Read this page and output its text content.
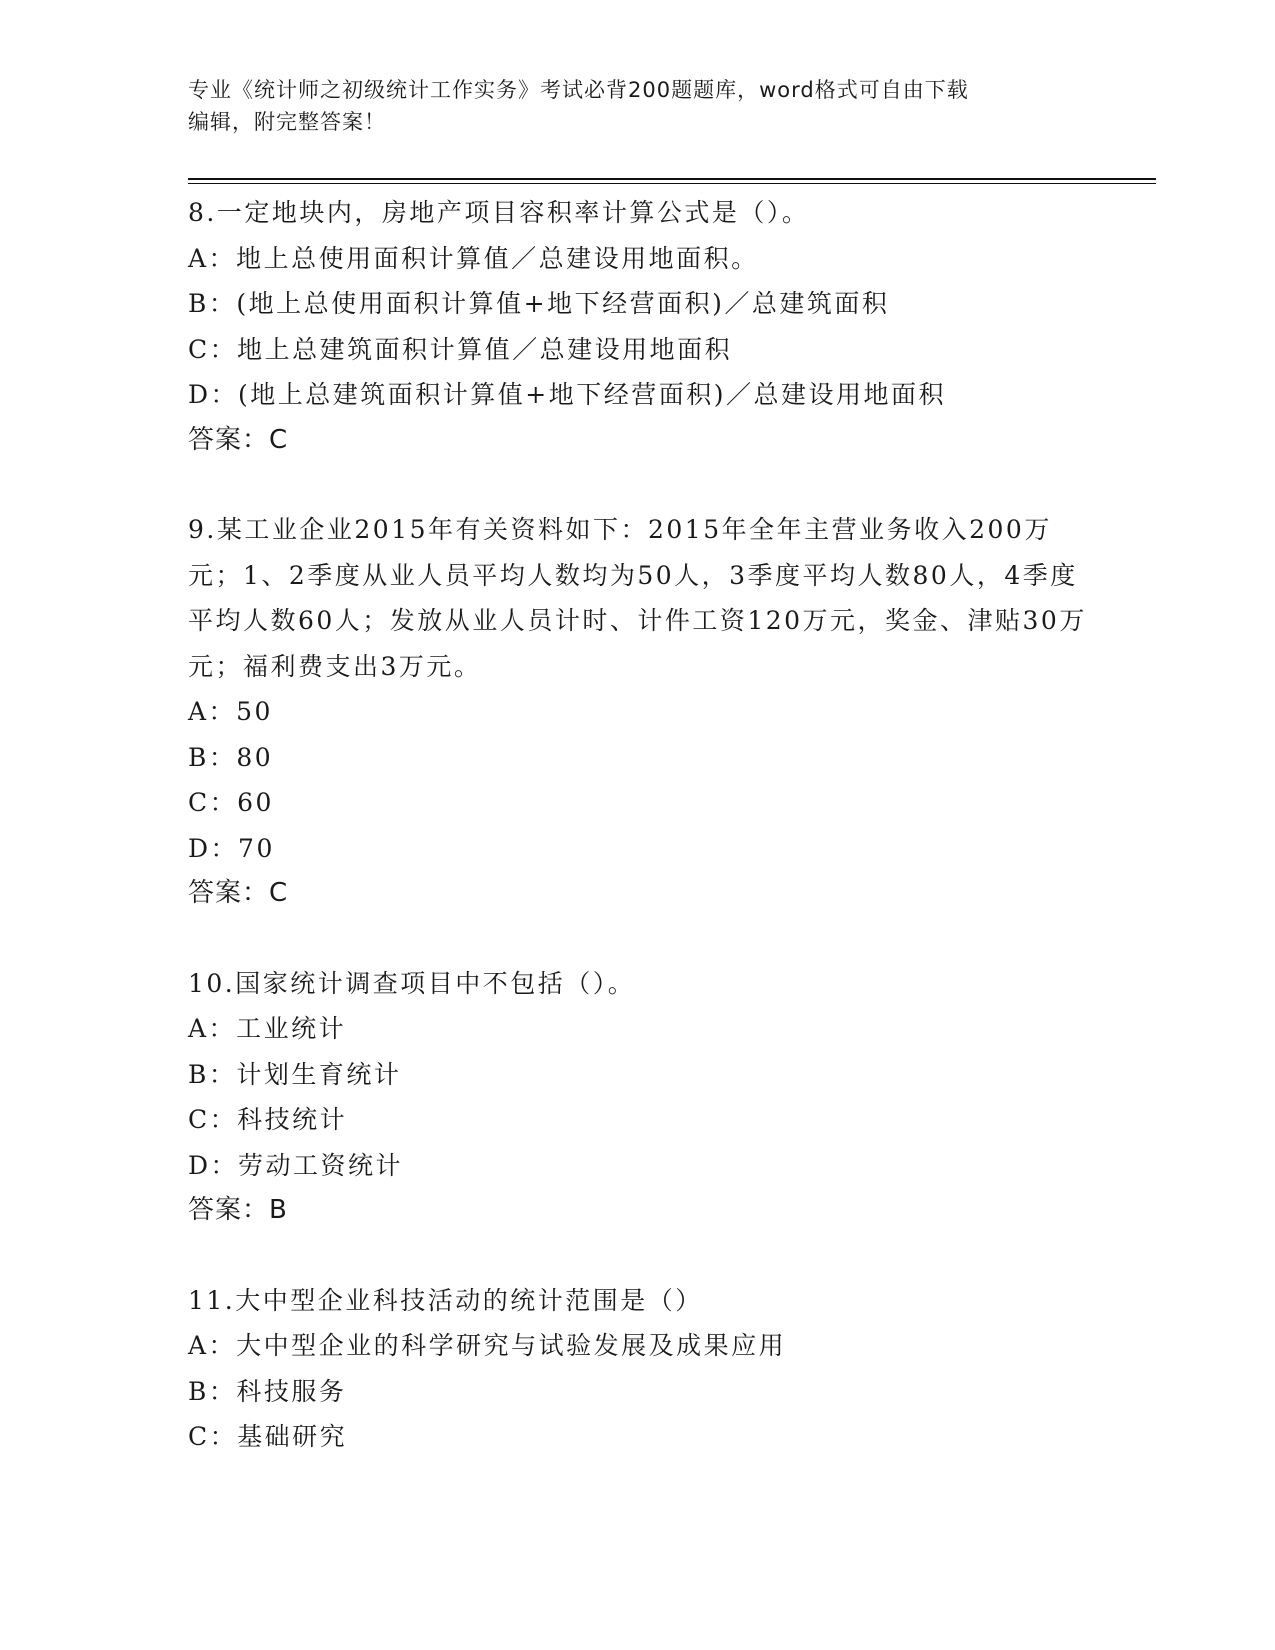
专业《统计师之初级统计工作实务》考试必背200题题库，word格式可自由下载
编辑，附完整答案！
8.一定地块内，房地产项目容积率计算公式是（）。
A：地上总使用面积计算值／总建设用地面积。
B：(地上总使用面积计算值+地下经营面积)／总建筑面积
C：地上总建筑面积计算值／总建设用地面积
D：(地上总建筑面积计算值+地下经营面积)／总建设用地面积
答案：C
9.某工业企业2015年有关资料如下：2015年全年主营业务收入200万元；1、2季度从业人员平均人数均为50人，3季度平均人数80人，4季度平均人数60人；发放从业人员计时、计件工资120万元，奖金、津贴30万元；福利费支出3万元。
A：50
B：80
C：60
D：70
答案：C
10.国家统计调查项目中不包括（）。
A：工业统计
B：计划生育统计
C：科技统计
D：劳动工资统计
答案：B
11.大中型企业科技活动的统计范围是（）
A：大中型企业的科学研究与试验发展及成果应用
B：科技服务
C：基础研究
